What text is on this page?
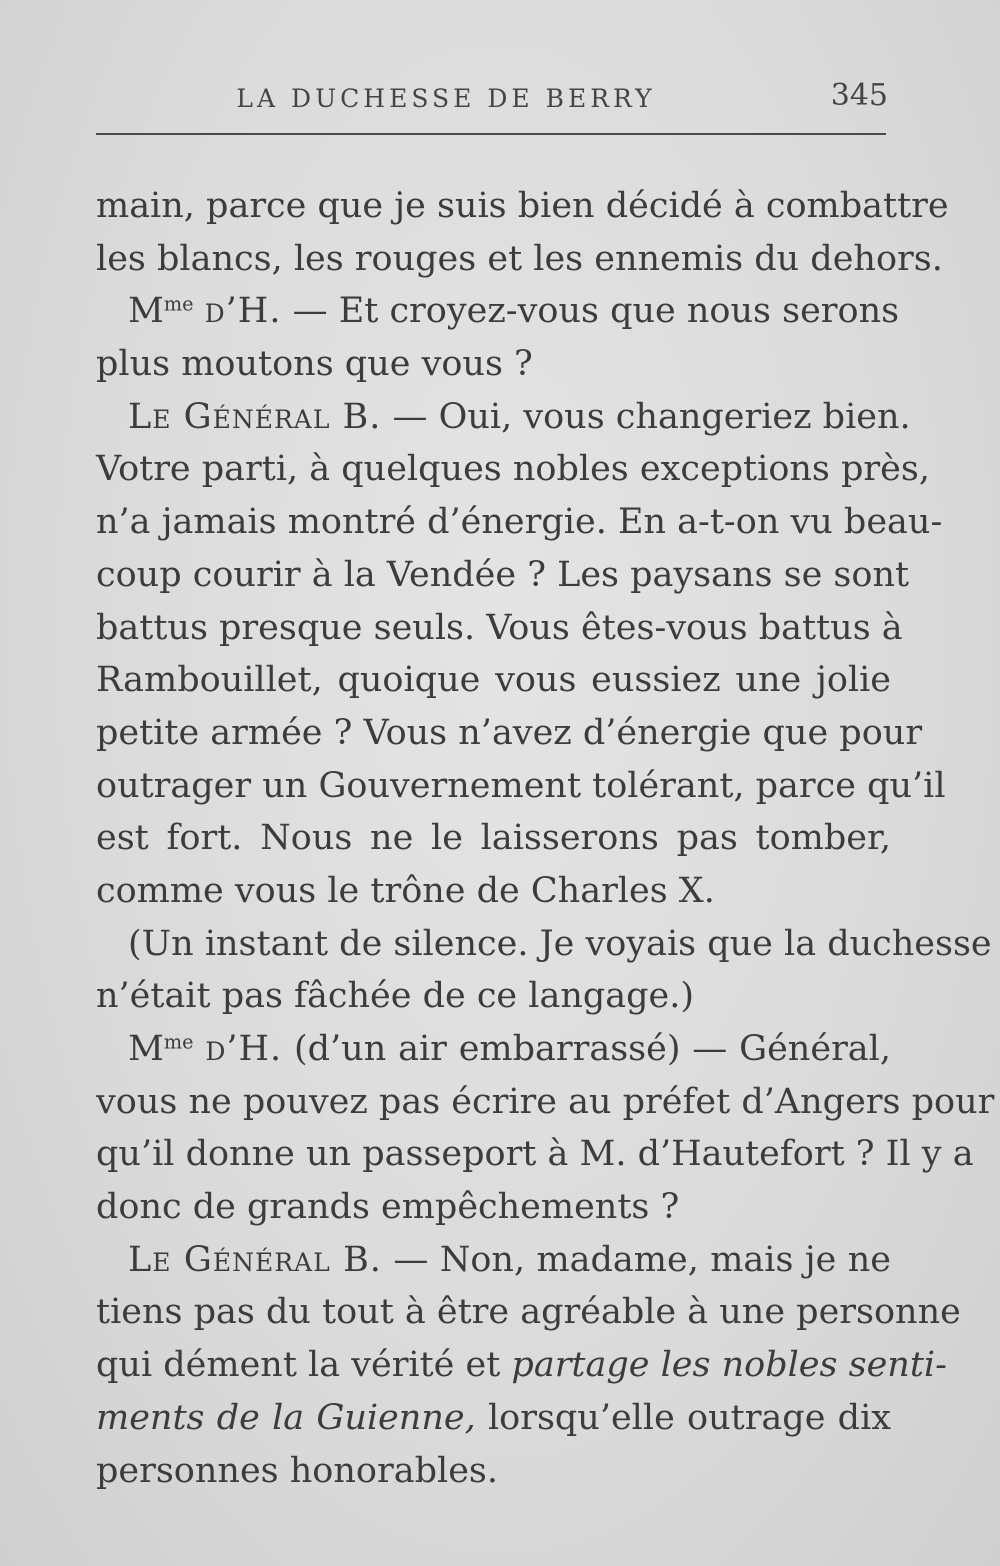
LA DUCHESSE DE BERRY	345
main, parce que je suis bien décidé à combattre
les blancs, les rouges et les ennemis du dehors.
$M^{me}$ d’H. — Et croyez-vous que nous serons
plus moutons que vous ?
Le Général B. — Oui, vous changeriez bien.
Votre parti, à quelques nobles exceptions près,
n’a jamais montré d’énergie. En a-t-on vu beau-
coup courir à la Vendée ? Les paysans se sont
battus presque seuls. Vous êtes-vous battus à
Rambouillet, quoique vous eussiez une jolie
petite armée ? Vous n’avez d’énergie que pour
outrager un Gouvernement tolérant, parce qu’il
est fort. Nous ne le laisserons pas tomber,
comme vous le trône de Charles X.
(Un instant de silence. Je voyais que la duchesse
n’était pas fâchée de ce langage.)
$M^{me}$ d’H. (d’un air embarrassé) — Général,
vous ne pouvez pas écrire au préfet d’Angers pour
qu’il donne un passeport à M. d’Hautefort ? Il y a
donc de grands empêchements ?
Le Général B. — Non, madame, mais je ne
tiens pas du tout à être agréable à une personne
qui dément la vérité et partage les nobles senti-
ments de la Guienne, lorsqu’elle outrage dix
personnes honorables.
